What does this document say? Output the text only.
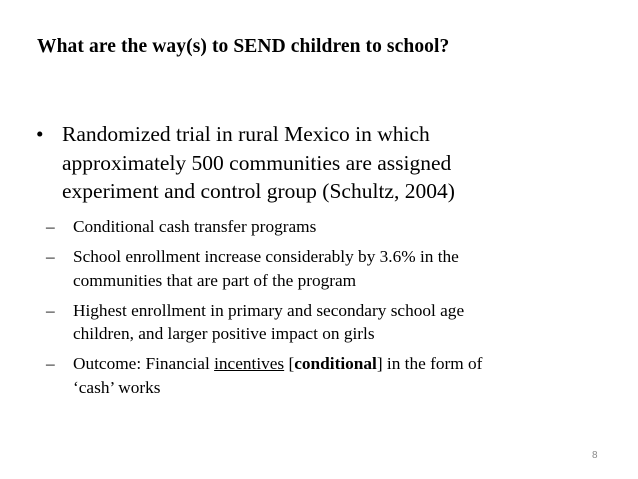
What are the way(s) to SEND children to school?
• Randomized trial in rural Mexico in which
approximately 500 communities are assigned
experiment and control group (Schultz, 2004)
– Conditional cash transfer programs
– School enrollment increase considerably by 3.6% in the
communities that are part of the program
– Highest enrollment in primary and secondary school age
children, and larger positive impact on girls
– Outcome: Financial incentives [conditional] in the form of
‘cash’ works
8
